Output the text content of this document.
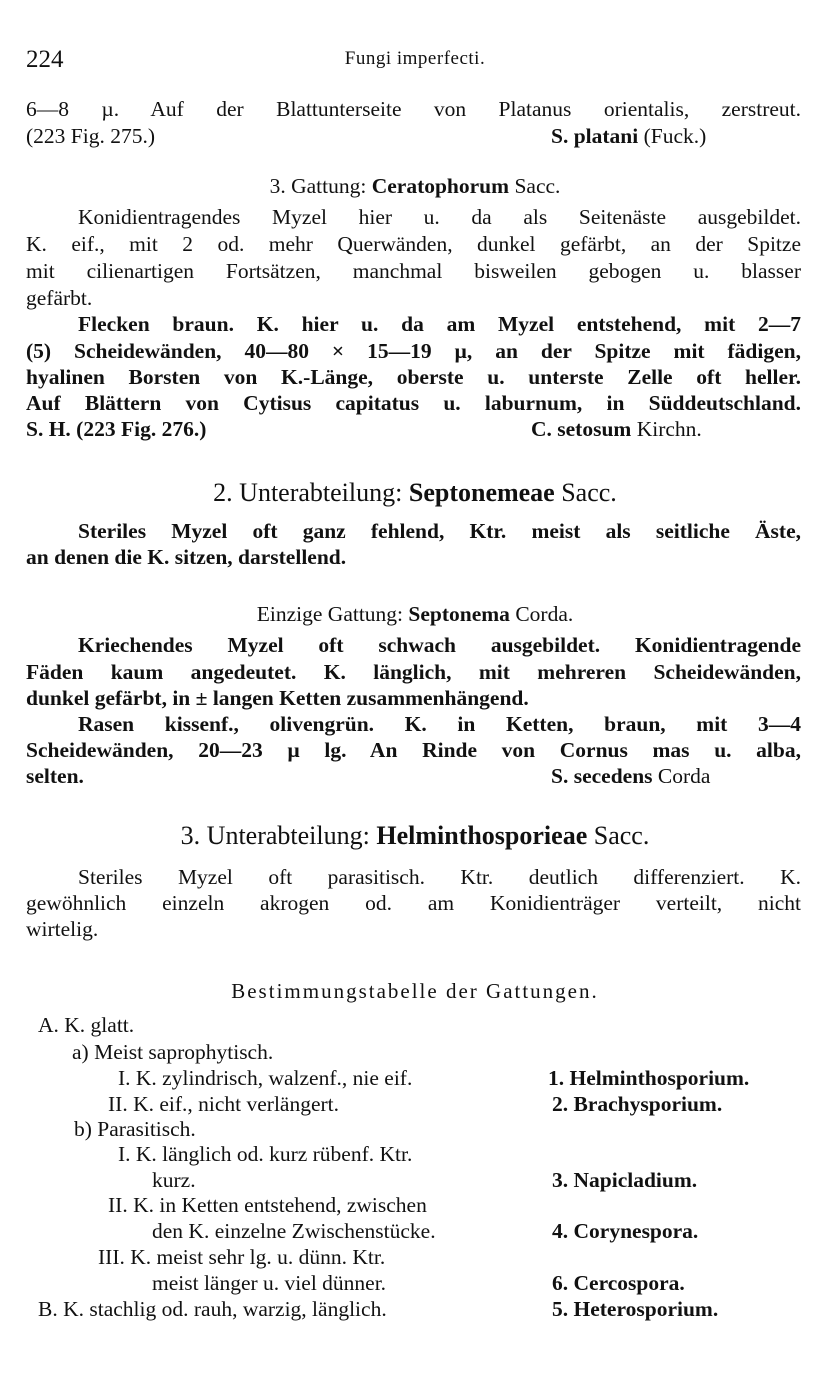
224	Fungi imperfecti.
6—8 µ. Auf der Blattunterseite von Platanus orientalis, zerstreut.
(223 Fig. 275.)	S. platani (Fuck.)
3. Gattung: Ceratophorum Sacc.
Konidientragendes Myzel hier u. da als Seitenäste ausgebildet.
K. eif., mit 2 od. mehr Querwänden, dunkel gefärbt, an der Spitze
mit cilienartigen Fortsätzen, manchmal bisweilen gebogen u. blasser
gefärbt.
Flecken braun. K. hier u. da am Myzel entstehend, mit 2—7
(5) Scheidewänden, 40—80 × 15—19 µ, an der Spitze mit fädigen,
hyalinen Borsten von K.-Länge, oberste u. unterste Zelle oft heller.
Auf Blättern von Cytisus capitatus u. laburnum, in Süddeutschland.
S. H. (223 Fig. 276.)	C. setosum Kirchn.
2. Unterabteilung: Septonemeae Sacc.
Steriles Myzel oft ganz fehlend, Ktr. meist als seitliche Äste,
an denen die K. sitzen, darstellend.
Einzige Gattung: Septonema Corda.
Kriechendes Myzel oft schwach ausgebildet. Konidientragende
Fäden kaum angedeutet. K. länglich, mit mehreren Scheidewänden,
dunkel gefärbt, in ± langen Ketten zusammenhängend.
Rasen kissenf., olivengrün. K. in Ketten, braun, mit 3—4
Scheidewänden, 20—23 µ lg. An Rinde von Cornus mas u. alba,
selten.	S. secedens Corda
3. Unterabteilung: Helminthosporieae Sacc.
Steriles Myzel oft parasitisch. Ktr. deutlich differenziert. K.
gewöhnlich einzeln akrogen od. am Konidienträger verteilt, nicht
wirtelig.
Bestimmungstabelle der Gattungen.
A. K. glatt.
a) Meist saprophytisch.
I. K. zylindrisch, walzenf., nie eif.	1. Helminthosporium.
II. K. eif., nicht verlängert.	2. Brachysporium.
b) Parasitisch.
I. K. länglich od. kurz rübenf. Ktr.
kurz.	3. Napicladium.
II. K. in Ketten entstehend, zwischen
den K. einzelne Zwischenstücke.	4. Corynespora.
III. K. meist sehr lg. u. dünn. Ktr.
meist länger u. viel dünner.	6. Cercospora.
B. K. stachlig od. rauh, warzig, länglich.	5. Heterosporium.
